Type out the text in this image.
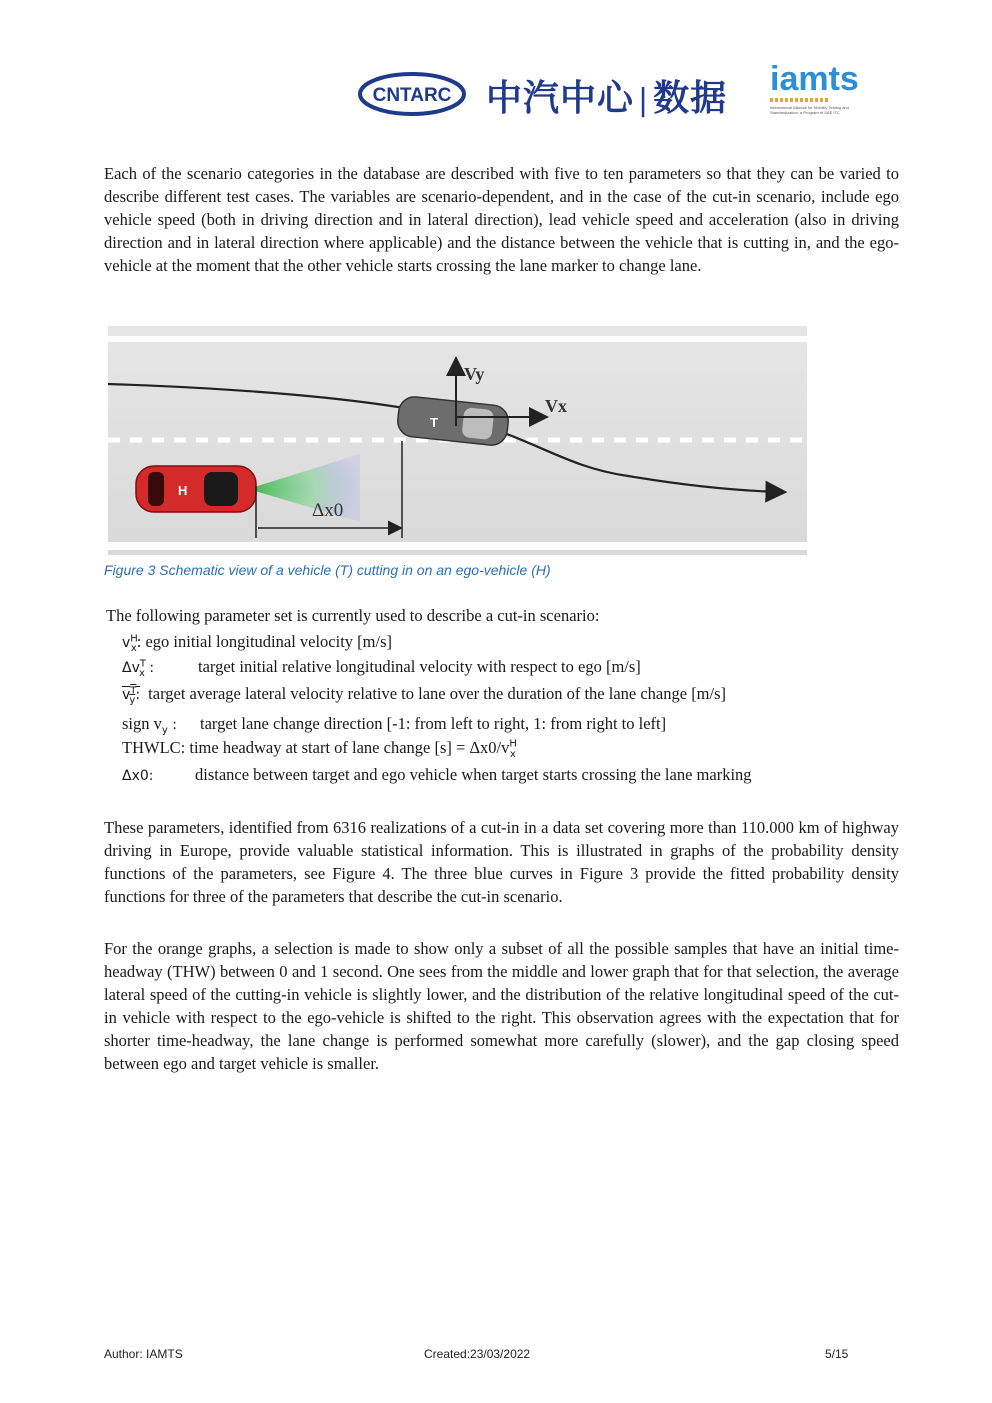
CNTARC 中汽中心 | 数据 iamts
International Alliance for Mobility Testing and Standardization, a Program of SAE ITC
Each of the scenario categories in the database are described with five to ten parameters so that they can be varied to describe different test cases. The variables are scenario-dependent, and in the case of the cut-in scenario, include ego vehicle speed (both in driving direction and in lateral direction), lead vehicle speed and acceleration (also in driving direction and in lateral direction where applicable) and the distance between the vehicle that is cutting in, and the ego-vehicle at the moment that the other vehicle starts crossing the lane marker to change lane.
T
Vy
Vx
H
Δx0
Figure 3 Schematic view of a vehicle (T) cutting in on an ego-vehicle (H)
The following parameter set is currently used to describe a cut-in scenario:
$v^H_x$: ego initial longitudinal velocity [m/s]
$\Delta v^T_x$ :	target initial relative longitudinal velocity with respect to ego [m/s]
$v^T_y$: target average lateral velocity relative to lane over the duration of the lane change [m/s]
sign $v_y$ : target lane change direction [-1: from left to right, 1: from right to left]
THWLC: time headway at start of lane change $[s] = \Delta x0/v^H_x$
Δx0:	distance between target and ego vehicle when target starts crossing the lane marking
These parameters, identified from 6316 realizations of a cut-in in a data set covering more than 110.000 km of highway driving in Europe, provide valuable statistical information. This is illustrated in graphs of the probability density functions of the parameters, see Figure 4. The three blue curves in Figure 3 provide the fitted probability density functions for three of the parameters that describe the cut-in scenario.
For the orange graphs, a selection is made to show only a subset of all the possible samples that have an initial time-headway (THW) between 0 and 1 second. One sees from the middle and lower graph that for that selection, the average lateral speed of the cutting-in vehicle is slightly lower, and the distribution of the relative longitudinal speed of the cut-in vehicle with respect to the ego-vehicle is shifted to the right. This observation agrees with the expectation that for shorter time-headway, the lane change is performed somewhat more carefully (slower), and the gap closing speed between ego and target vehicle is smaller.
Author: IAMTS	Created:23/03/2022	5/15
